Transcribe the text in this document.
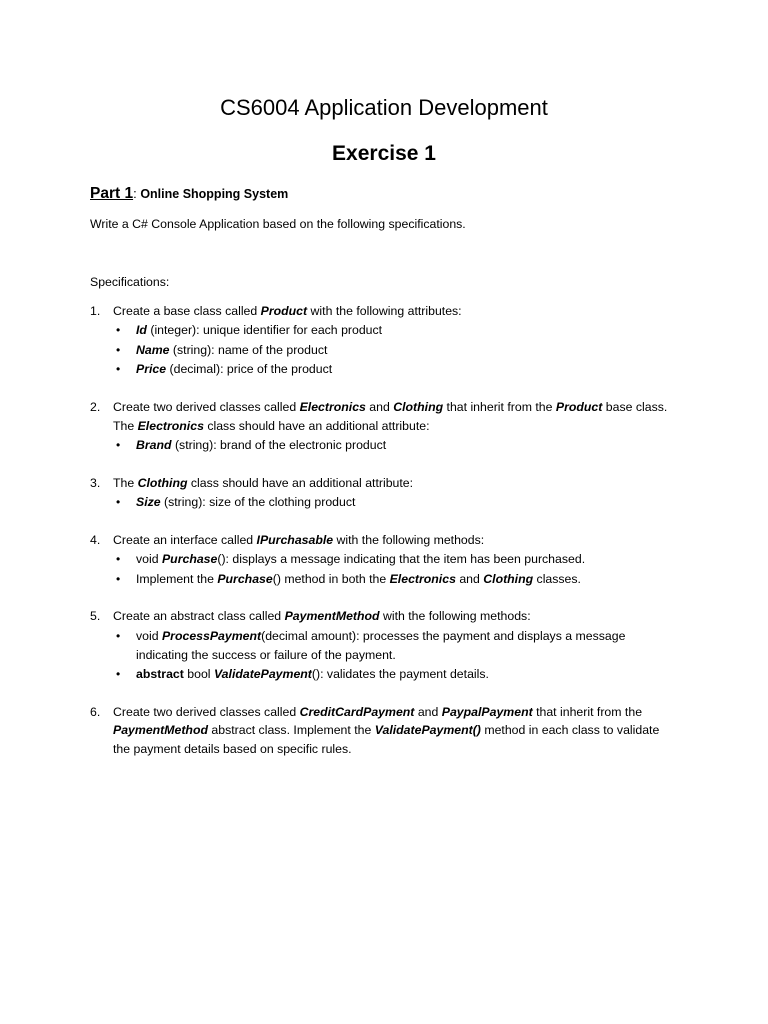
CS6004 Application Development
Exercise 1
Part 1: Online Shopping System
Write a C# Console Application based on the following specifications.
Specifications:
1. Create a base class called Product with the following attributes:
• Id (integer): unique identifier for each product
• Name (string): name of the product
• Price (decimal): price of the product
2. Create two derived classes called Electronics and Clothing that inherit from the Product base class.
The Electronics class should have an additional attribute:
• Brand (string): brand of the electronic product
3. The Clothing class should have an additional attribute:
• Size (string): size of the clothing product
4. Create an interface called IPurchasable with the following methods:
• void Purchase(): displays a message indicating that the item has been purchased.
• Implement the Purchase() method in both the Electronics and Clothing classes.
5. Create an abstract class called PaymentMethod with the following methods:
• void ProcessPayment(decimal amount): processes the payment and displays a message
indicating the success or failure of the payment.
• abstract bool ValidatePayment(): validates the payment details.
6. Create two derived classes called CreditCardPayment and PaypalPayment that inherit from the
PaymentMethod abstract class. Implement the ValidatePayment() method in each class to validate
the payment details based on specific rules.
